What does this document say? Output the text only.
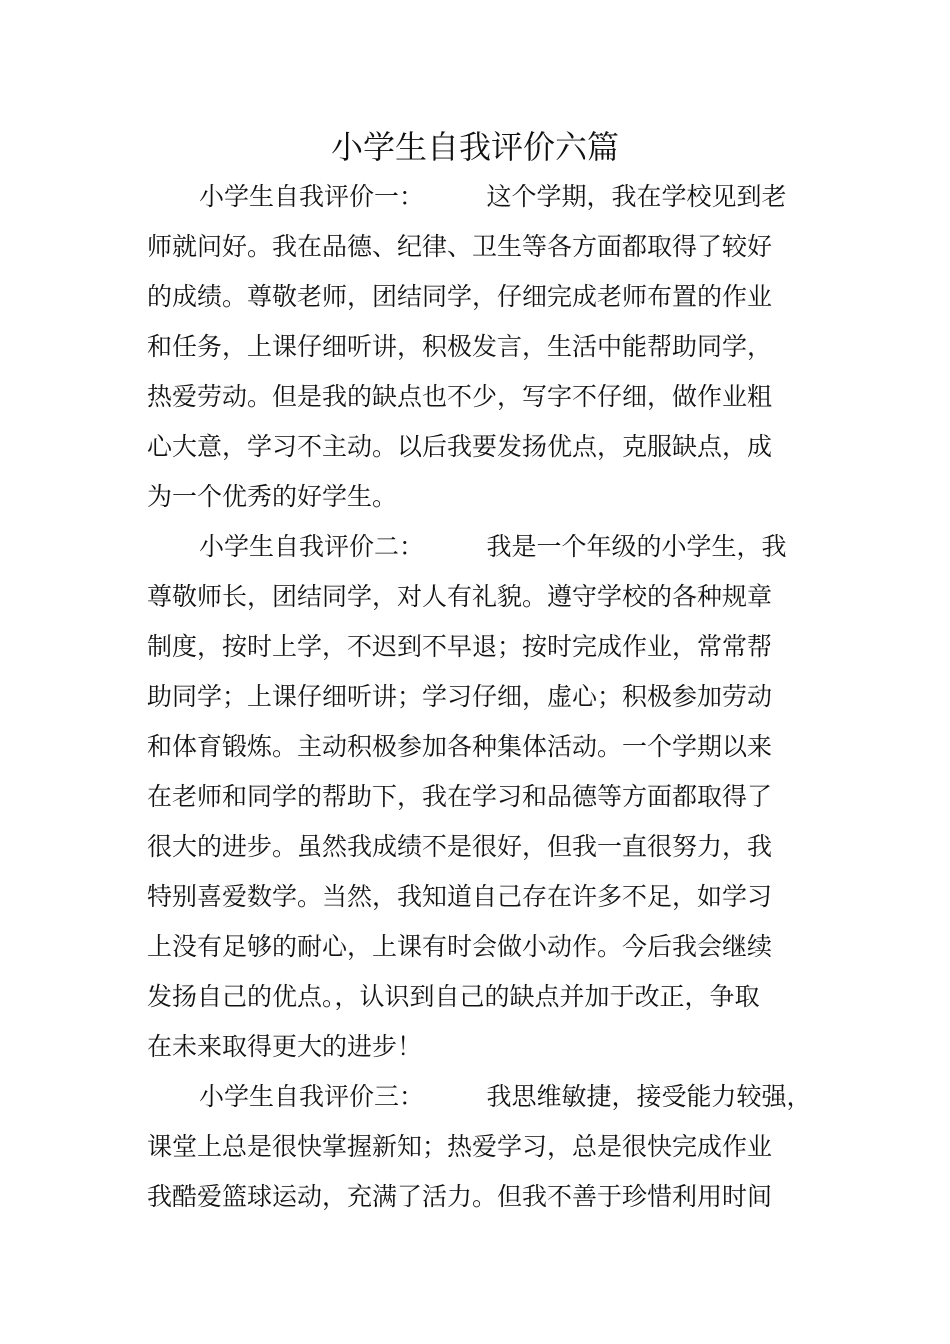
小学生自我评价六篇
小学生自我评价一：　　　这个学期，我在学校见到老
师就问好。我在品德、纪律、卫生等各方面都取得了较好
的成绩。尊敬老师，团结同学，仔细完成老师布置的作业
和任务，上课仔细听讲，积极发言，生活中能帮助同学，
热爱劳动。但是我的缺点也不少，写字不仔细，做作业粗
心大意，学习不主动。以后我要发扬优点，克服缺点，成
为一个优秀的好学生。
小学生自我评价二：　　　我是一个年级的小学生，我
尊敬师长，团结同学，对人有礼貌。遵守学校的各种规章
制度，按时上学，不迟到不早退；按时完成作业，常常帮
助同学；上课仔细听讲；学习仔细，虚心；积极参加劳动
和体育锻炼。主动积极参加各种集体活动。一个学期以来
在老师和同学的帮助下，我在学习和品德等方面都取得了
很大的进步。虽然我成绩不是很好，但我一直很努力，我
特别喜爱数学。当然，我知道自己存在许多不足，如学习
上没有足够的耐心，上课有时会做小动作。今后我会继续
发扬自己的优点。，认识到自己的缺点并加于改正，争取
在未来取得更大的进步！
小学生自我评价三：　　　我思维敏捷，接受能力较强，
课堂上总是很快掌握新知；热爱学习，总是很快完成作业
我酷爱篮球运动，充满了活力。但我不善于珍惜利用时间
